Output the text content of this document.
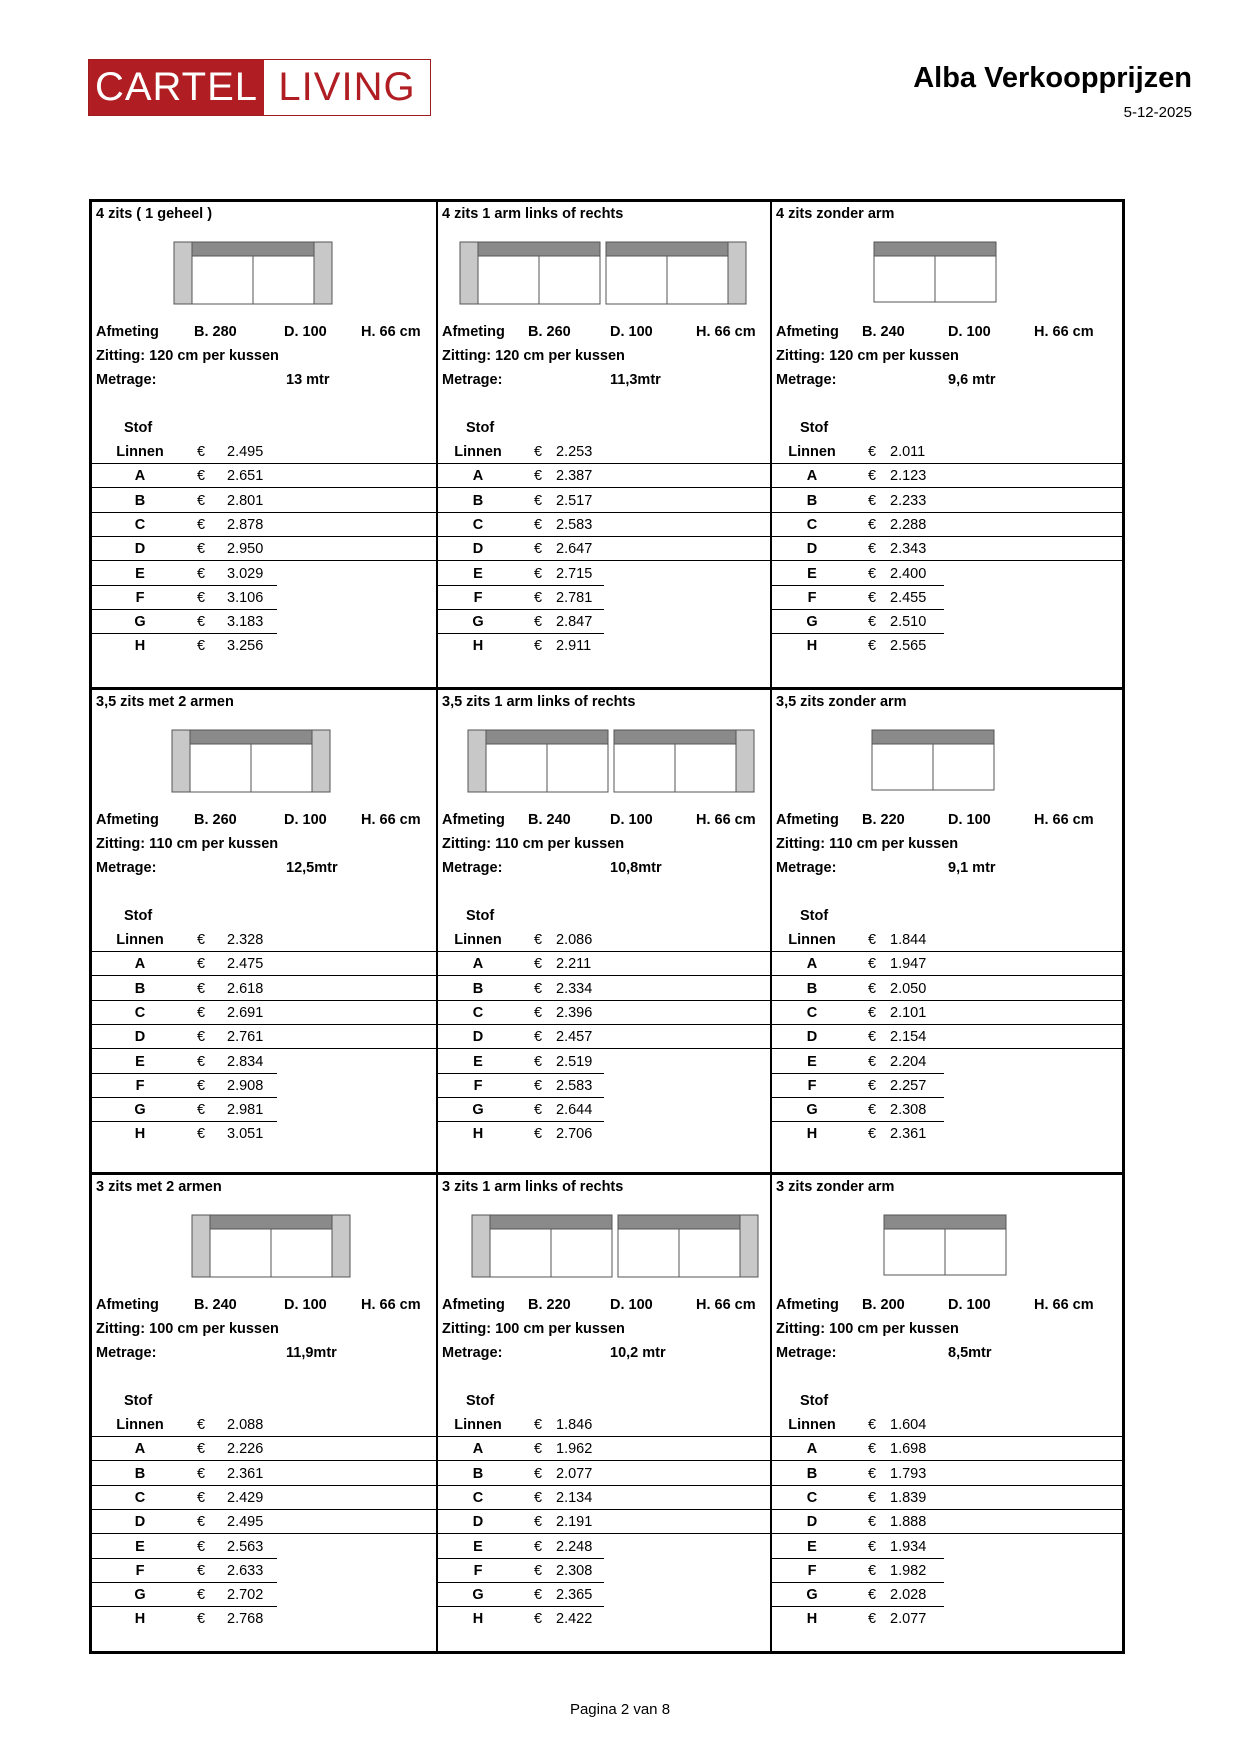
CARTEL LIVING	Alba Verkoopprijzen
5-12-2025
4 zits ( 1 geheel )
Afmeting B. 280	D. 100 H. 66 cm
Zitting: 120 cm per kussen
Metrage:	13 mtr
Stof
Linnen	€ 2.495
A	€ 2.651
B	€ 2.801
C	€ 2.878
D	€ 2.950
E	€ 3.029
F	€ 3.106
G	€ 3.183
H	€ 3.256
4 zits 1 arm links of rechts
Afmeting B. 260	D. 100	H. 66 cm
Zitting: 120 cm per kussen
Metrage:	11,3mtr
Stof
Linnen	€ 2.253
A	€ 2.387
B	€ 2.517
C	€ 2.583
D	€ 2.647
E	€ 2.715
F	€ 2.781
G	€ 2.847
H	€ 2.911
4 zits zonder arm
Afmeting B. 240	D. 100	H. 66 cm
Zitting: 120 cm per kussen
Metrage:	9,6 mtr
Stof
Linnen	€ 2.011
A	€ 2.123
B	€ 2.233
C	€ 2.288
D	€ 2.343
E	€ 2.400
F	€ 2.455
G	€ 2.510
H	€ 2.565
3,5 zits met 2 armen
Afmeting B. 260	D. 100 H. 66 cm
Zitting: 110 cm per kussen
Metrage:	12,5mtr
Stof
Linnen	€ 2.328
A	€ 2.475
B	€ 2.618
C	€ 2.691
D	€ 2.761
E	€ 2.834
F	€ 2.908
G	€ 2.981
H	€ 3.051
3,5 zits 1 arm links of rechts
Afmeting B. 240	D. 100	H. 66 cm
Zitting: 110 cm per kussen
Metrage:	10,8mtr
Stof
Linnen	€ 2.086
A	€ 2.211
B	€ 2.334
C	€ 2.396
D	€ 2.457
E	€ 2.519
F	€ 2.583
G	€ 2.644
H	€ 2.706
3,5 zits zonder arm
Afmeting B. 220	D. 100	H. 66 cm
Zitting: 110 cm per kussen
Metrage:	9,1 mtr
Stof
Linnen	€ 1.844
A	€ 1.947
B	€ 2.050
C	€ 2.101
D	€ 2.154
E	€ 2.204
F	€ 2.257
G	€ 2.308
H	€ 2.361
3 zits met 2 armen
Afmeting B. 240	D. 100 H. 66 cm
Zitting: 100 cm per kussen
Metrage:	11,9mtr
Stof
Linnen	€ 2.088
A	€ 2.226
B	€ 2.361
C	€ 2.429
D	€ 2.495
E	€ 2.563
F	€ 2.633
G	€ 2.702
H	€ 2.768
3 zits 1 arm links of rechts
Afmeting B. 220	D. 100	H. 66 cm
Zitting: 100 cm per kussen
Metrage:	10,2 mtr
Stof
Linnen	€ 1.846
A	€ 1.962
B	€ 2.077
C	€ 2.134
D	€ 2.191
E	€ 2.248
F	€ 2.308
G	€ 2.365
H	€ 2.422
3 zits zonder arm
Afmeting B. 200	D. 100	H. 66 cm
Zitting: 100 cm per kussen
Metrage:	8,5mtr
Stof
Linnen	€ 1.604
A	€ 1.698
B	€ 1.793
C	€ 1.839
D	€ 1.888
E	€ 1.934
F	€ 1.982
G	€ 2.028
H	€ 2.077
Pagina 2 van 8
